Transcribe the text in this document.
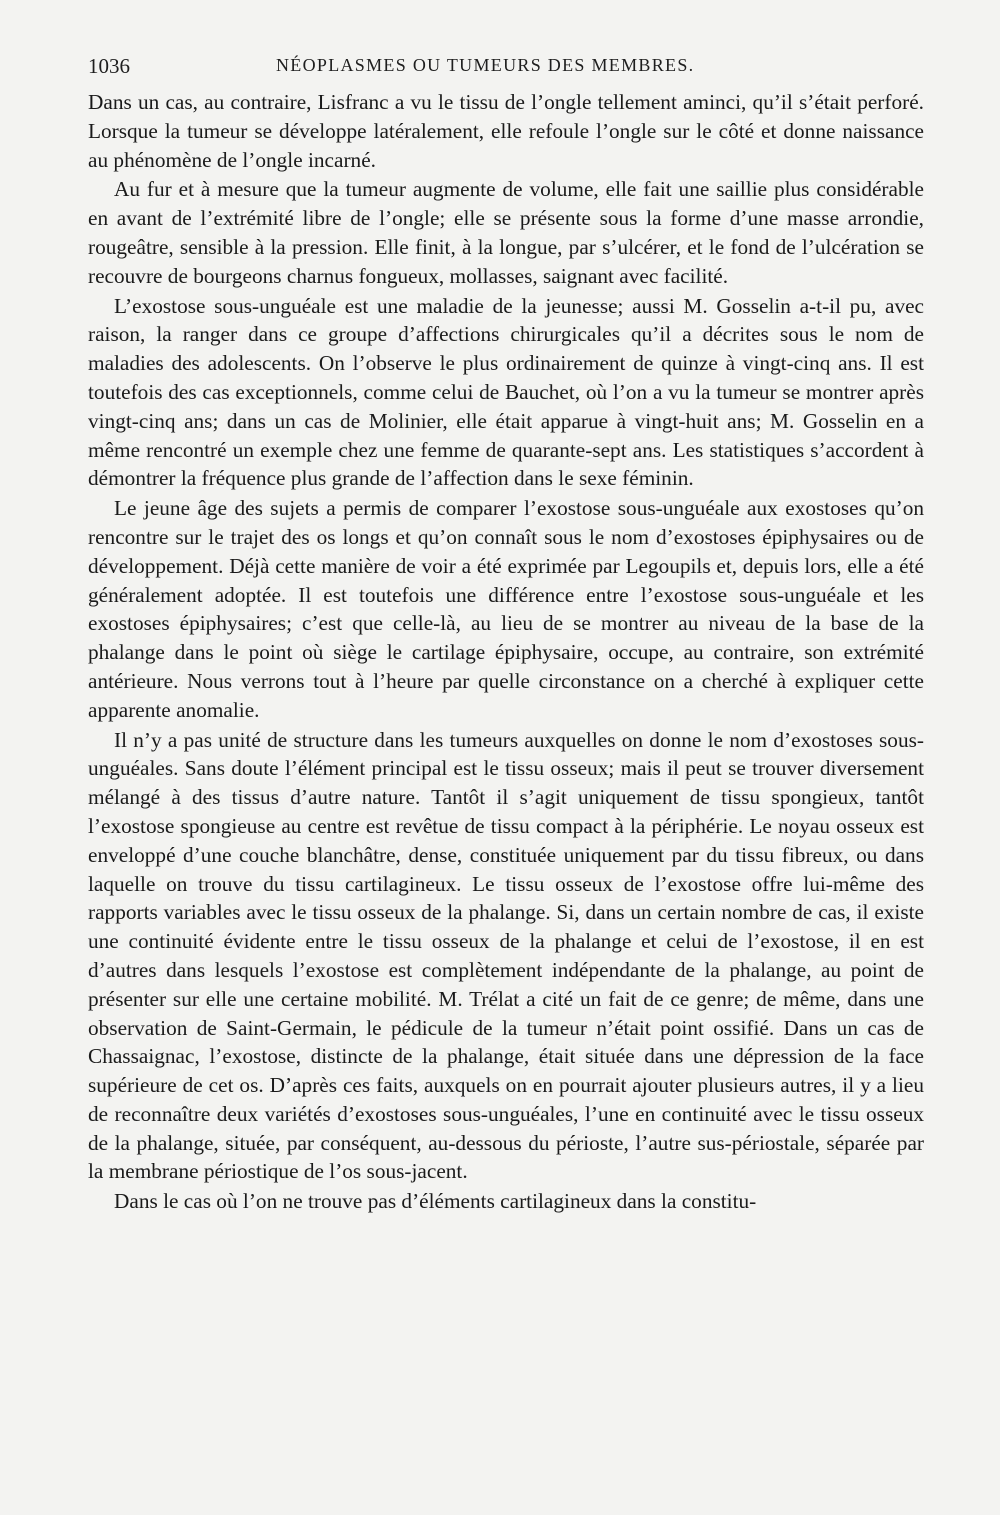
1036	NÉOPLASMES OU TUMEURS DES MEMBRES.

Dans un cas, au contraire, Lisfranc a vu le tissu de l’ongle tellement aminci, qu’il s’était perforé. Lorsque la tumeur se développe latéralement, elle refoule l’ongle sur le côté et donne naissance au phénomène de l’ongle incarné.

Au fur et à mesure que la tumeur augmente de volume, elle fait une saillie plus considérable en avant de l’extrémité libre de l’ongle; elle se présente sous la forme d’une masse arrondie, rougeâtre, sensible à la pression. Elle finit, à la longue, par s’ulcérer, et le fond de l’ulcération se recouvre de bourgeons charnus fongueux, mollasses, saignant avec facilité.

L’exostose sous-unguéale est une maladie de la jeunesse; aussi M. Gosselin a-t-il pu, avec raison, la ranger dans ce groupe d’affections chirurgicales qu’il a décrites sous le nom de maladies des adolescents. On l’observe le plus ordinairement de quinze à vingt-cinq ans. Il est toutefois des cas exceptionnels, comme celui de Bauchet, où l’on a vu la tumeur se montrer après vingt-cinq ans; dans un cas de Molinier, elle était apparue à vingt-huit ans; M. Gosselin en a même rencontré un exemple chez une femme de quarante-sept ans. Les statistiques s’accordent à démontrer la fréquence plus grande de l’affection dans le sexe féminin.

Le jeune âge des sujets a permis de comparer l’exostose sous-unguéale aux exostoses qu’on rencontre sur le trajet des os longs et qu’on connaît sous le nom d’exostoses épiphysaires ou de développement. Déjà cette manière de voir a été exprimée par Legoupils et, depuis lors, elle a été généralement adoptée. Il est toutefois une différence entre l’exostose sous-unguéale et les exostoses épiphysaires; c’est que celle-là, au lieu de se montrer au niveau de la base de la phalange dans le point où siège le cartilage épiphysaire, occupe, au contraire, son extrémité antérieure. Nous verrons tout à l’heure par quelle circonstance on a cherché à expliquer cette apparente anomalie.

Il n’y a pas unité de structure dans les tumeurs auxquelles on donne le nom d’exostoses sous-unguéales. Sans doute l’élément principal est le tissu osseux; mais il peut se trouver diversement mélangé à des tissus d’autre nature. Tantôt il s’agit uniquement de tissu spongieux, tantôt l’exostose spongieuse au centre est revêtue de tissu compact à la périphérie. Le noyau osseux est enveloppé d’une couche blanchâtre, dense, constituée uniquement par du tissu fibreux, ou dans laquelle on trouve du tissu cartilagineux. Le tissu osseux de l’exostose offre lui-même des rapports variables avec le tissu osseux de la phalange. Si, dans un certain nombre de cas, il existe une continuité évidente entre le tissu osseux de la phalange et celui de l’exostose, il en est d’autres dans lesquels l’exostose est complètement indépendante de la phalange, au point de présenter sur elle une certaine mobilité. M. Trélat a cité un fait de ce genre; de même, dans une observation de Saint-Germain, le pédicule de la tumeur n’était point ossifié. Dans un cas de Chassaignac, l’exostose, distincte de la phalange, était située dans une dépression de la face supérieure de cet os. D’après ces faits, auxquels on en pourrait ajouter plusieurs autres, il y a lieu de reconnaître deux variétés d’exostoses sous-unguéales, l’une en continuité avec le tissu osseux de la phalange, située, par conséquent, au-dessous du périoste, l’autre sus-périostale, séparée par la membrane périostique de l’os sous-jacent.

Dans le cas où l’on ne trouve pas d’éléments cartilagineux dans la constitu-
